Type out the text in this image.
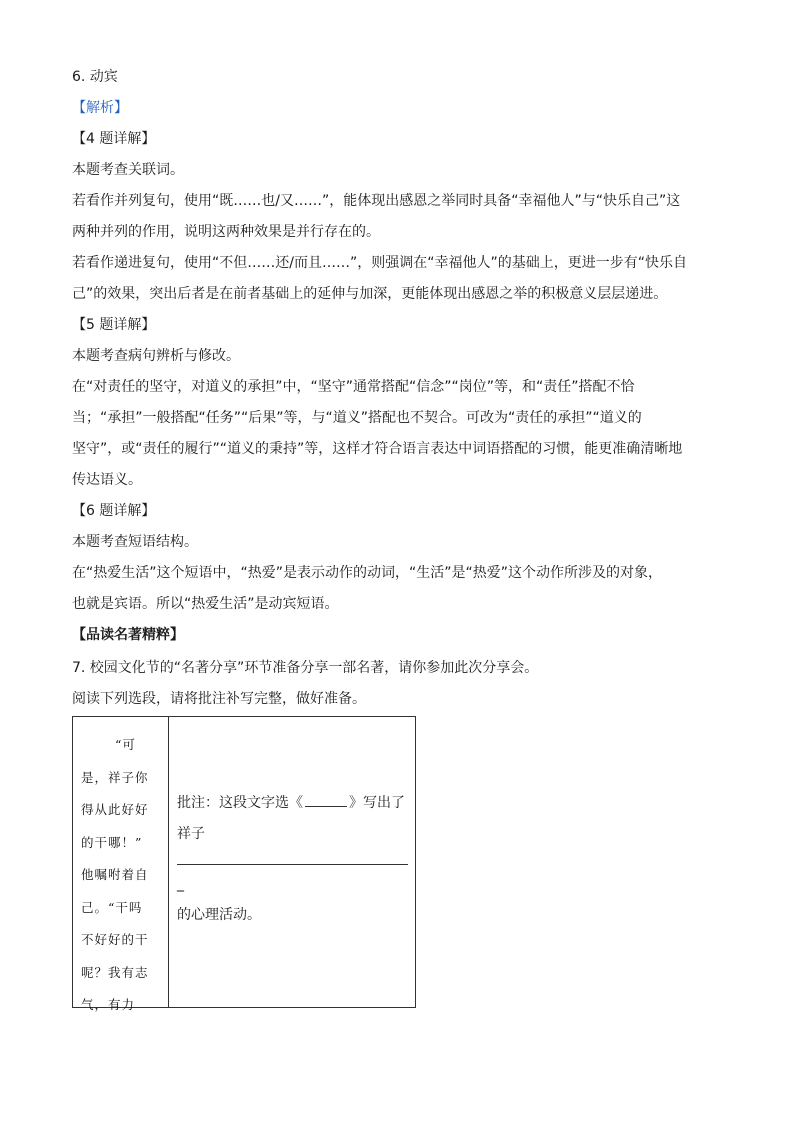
6. 动宾
【解析】
【4 题详解】
本题考查关联词。
若看作并列复句，使用“既……也/又……”，能体现出感恩之举同时具备“幸福他人”与“快乐自己”这
两种并列的作用，说明这两种效果是并行存在的。
若看作递进复句，使用“不但……还/而且……”，则强调在“幸福他人”的基础上，更进一步有“快乐自
己”的效果，突出后者是在前者基础上的延伸与加深，更能体现出感恩之举的积极意义层层递进。
【5 题详解】
本题考查病句辨析与修改。
在“对责任的坚守，对道义的承担”中，“坚守”通常搭配“信念”“岗位”等，和“责任”搭配不恰
当；“承担”一般搭配“任务”“后果”等，与“道义”搭配也不契合。可改为“责任的承担”“道义的
坚守”，或“责任的履行”“道义的秉持”等，这样才符合语言表达中词语搭配的习惯，能更准确清晰地
传达语义。
【6 题详解】
本题考查短语结构。
在“热爱生活”这个短语中，“热爱”是表示动作的动词，“生活”是“热爱”这个动作所涉及的对象，
也就是宾语。所以“热爱生活”是动宾短语。
【品读名著精粹】
7. 校园文化节的“名著分享”环节准备分享一部名著，请你参加此次分享会。
阅读下列选段，请将批注补写完整，做好准备。
“可
是，祥子你
得从此好好
的干哪！”
他嘱咐着自
己。“干吗
不好好的干
呢？我有志
气，有力
批注：这段文字选《	》写出了
祥子
_
的心理活动。
